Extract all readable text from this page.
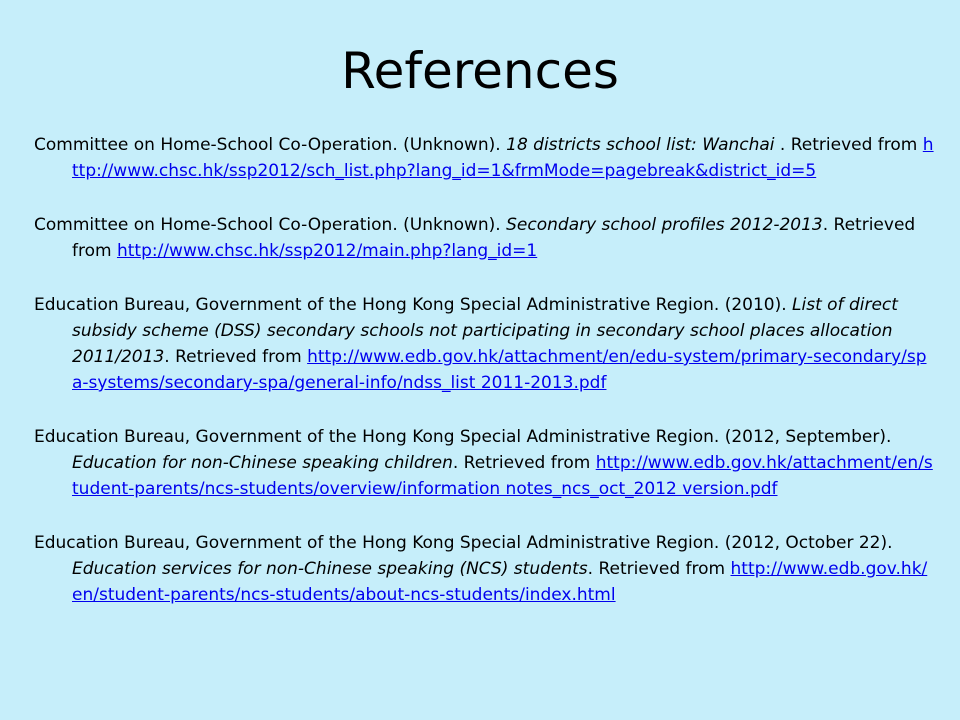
References

Committee on Home-School Co-Operation. (Unknown). 18 districts school list: Wanchai . Retrieved from http://www.chsc.hk/ssp2012/sch_list.php?lang_id=1&frmMode=pagebreak&district_id=5

Committee on Home-School Co-Operation. (Unknown). Secondary school profiles 2012-2013. Retrieved from http://www.chsc.hk/ssp2012/main.php?lang_id=1

Education Bureau, Government of the Hong Kong Special Administrative Region. (2010). List of direct subsidy scheme (DSS) secondary schools not participating in secondary school places allocation 2011/2013. Retrieved from http://www.edb.gov.hk/attachment/en/edu-system/primary-secondary/spa-systems/secondary-spa/general-info/ndss_list 2011-2013.pdf

Education Bureau, Government of the Hong Kong Special Administrative Region. (2012, September). Education for non-Chinese speaking children. Retrieved from http://www.edb.gov.hk/attachment/en/student-parents/ncs-students/overview/information notes_ncs_oct_2012 version.pdf

Education Bureau, Government of the Hong Kong Special Administrative Region. (2012, October 22). Education services for non-Chinese speaking (NCS) students. Retrieved from http://www.edb.gov.hk/en/student-parents/ncs-students/about-ncs-students/index.html
